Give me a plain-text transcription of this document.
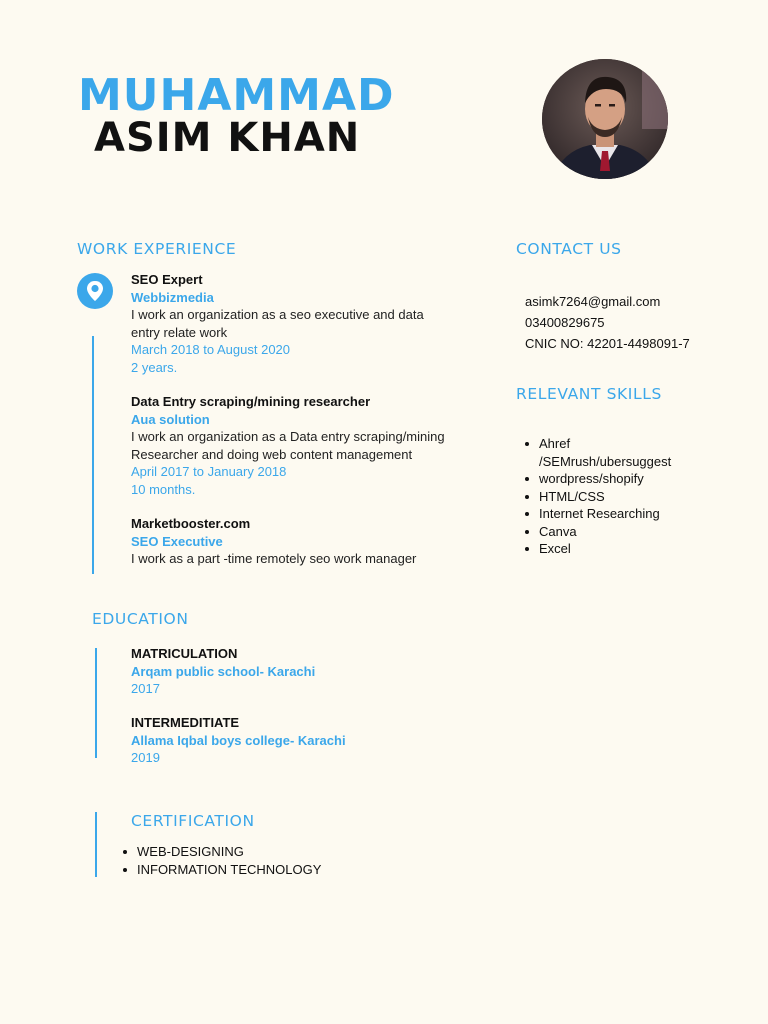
MUHAMMAD
ASIM KHAN
WORK EXPERIENCE
SEO Expert
Webbizmedia
I work an organization as a seo executive and data
entry relate work
March 2018 to August 2020
2 years.
Data Entry scraping/mining researcher
Aua solution
I work an organization as a Data entry scraping/mining
Researcher and doing web content management
April 2017 to January 2018
10 months.
Marketbooster.com
SEO Executive
I work as a part -time remotely seo work manager
CONTACT US
asimk7264@gmail.com
03400829675
CNIC NO: 42201-4498091-7
RELEVANT SKILLS
Ahref
/SEMrush/ubersuggest
wordpress/shopify
HTML/CSS
Internet Researching
Canva
Excel
EDUCATION
MATRICULATION
Arqam public school- Karachi
2017
INTERMEDITIATE
Allama Iqbal boys college- Karachi
2019
CERTIFICATION
WEB-DESIGNING
INFORMATION TECHNOLOGY
